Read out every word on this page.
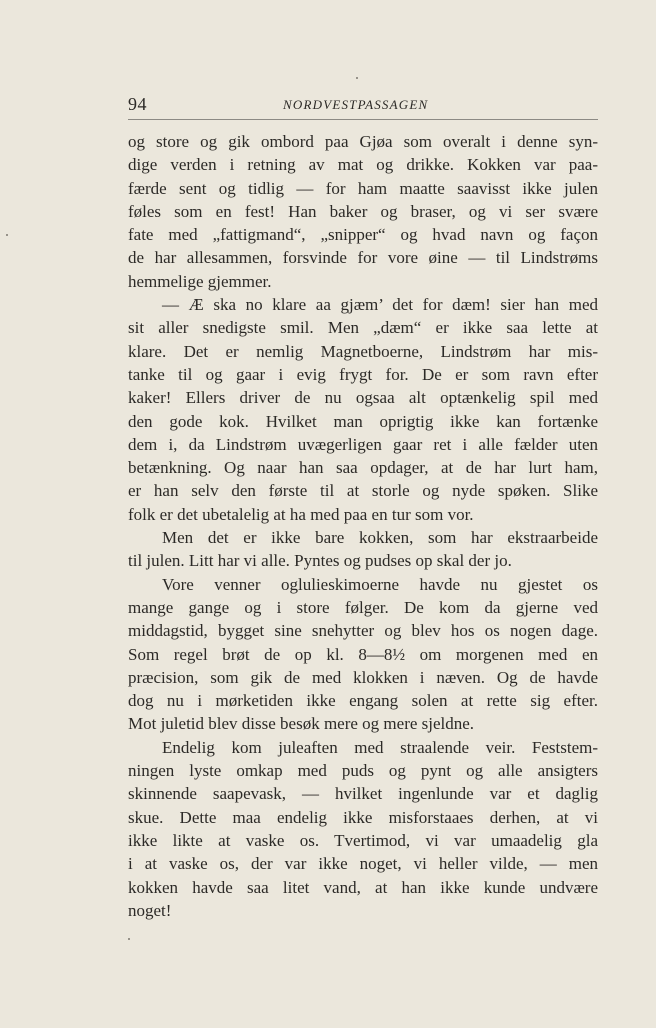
94	NORDVESTPASSAGEN

og store og gik ombord paa Gjøa som overalt i denne syn-
dige verden i retning av mat og drikke. Kokken var paa-
færde sent og tidlig — for ham maatte saavisst ikke julen
føles som en fest! Han baker og braser, og vi ser svære
fate med „fattigmand“, „snipper“ og hvad navn og façon
de har allesammen, forsvinde for vore øine — til Lindstrøms
hemmelige gjemmer.

— Æ ska no klare aa gjæm’ det for dæm! sier han med
sit aller snedigste smil. Men „dæm“ er ikke saa lette at
klare. Det er nemlig Magnetboerne, Lindstrøm har mis-
tanke til og gaar i evig frygt for. De er som ravn efter
kaker! Ellers driver de nu ogsaa alt optænkelig spil med
den gode kok. Hvilket man oprigtig ikke kan fortænke
dem i, da Lindstrøm uvægerligen gaar ret i alle fælder uten
betænkning. Og naar han saa opdager, at de har lurt ham,
er han selv den første til at storle og nyde spøken. Slike
folk er det ubetalelig at ha med paa en tur som vor.

Men det er ikke bare kokken, som har ekstraarbeide
til julen. Litt har vi alle. Pyntes og pudses op skal der jo.

Vore venner oglulieskimoerne havde nu gjestet os
mange gange og i store følger. De kom da gjerne ved
middagstid, bygget sine snehytter og blev hos os nogen dage.
Som regel brøt de op kl. 8—8½ om morgenen med en
præcision, som gik de med klokken i næven. Og de havde
dog nu i mørketiden ikke engang solen at rette sig efter.
Mot juletid blev disse besøk mere og mere sjeldne.

Endelig kom juleaften med straalende veir. Feststem-
ningen lyste omkap med puds og pynt og alle ansigters
skinnende saapevask, — hvilket ingenlunde var et daglig
skue. Dette maa endelig ikke misforstaaes derhen, at vi
ikke likte at vaske os. Tvertimod, vi var umaadelig gla
i at vaske os, der var ikke noget, vi heller vilde, — men
kokken havde saa litet vand, at han ikke kunde undvære
noget!
